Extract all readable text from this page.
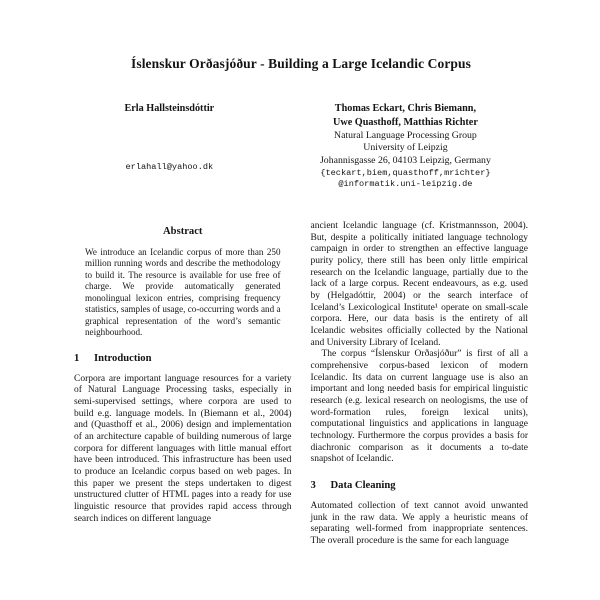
Íslenskur Orðasjóður - Building a Large Icelandic Corpus
Erla Hallsteinsdóttir
erlahall@yahoo.dk
Thomas Eckart, Chris Biemann,
Uwe Quasthoff, Matthias Richter
Natural Language Processing Group
University of Leipzig
Johannisgasse 26, 04103 Leipzig, Germany
{teckart,biem,quasthoff,mrichter}
@informatik.uni-leipzig.de
Abstract

We introduce an Icelandic corpus of more than 250 million running words and describe the methodology to build it. The resource is available for use free of charge. We provide automatically generated monolingual lexicon entries, comprising frequency statistics, samples of usage, co-occurring words and a graphical representation of the word’s semantic neighbourhood.

1 Introduction

Corpora are important language resources for a variety of Natural Language Processing tasks, especially in semi-supervised settings, where corpora are used to build e.g. language models. In (Biemann et al., 2004) and (Quasthoff et al., 2006) design and implementation of an architecture capable of building numerous of large corpora for different languages with little manual effort have been introduced. This infrastructure has been used to produce an Icelandic corpus based on web pages. In this paper we present the steps undertaken to digest unstructured clutter of HTML pages into a ready for use linguistic resource that provides rapid access through search indices on different language

ancient Icelandic language (cf. Kristmannsson, 2004). But, despite a politically initiated language technology campaign in order to strengthen an effective language purity policy, there still has been only little empirical research on the Icelandic language, partially due to the lack of a large corpus. Recent endeavours, as e.g. used by (Helgadóttir, 2004) or the search interface of Iceland’s Lexicological Institute¹ operate on small-scale corpora. Here, our data basis is the entirety of all Icelandic websites officially collected by the National and University Library of Iceland.

The corpus “Íslenskur Orðasjóður” is first of all a comprehensive corpus-based lexicon of modern Icelandic. Its data on current language use is also an important and long needed basis for empirical linguistic research (e.g. lexical research on neologisms, the use of word-formation rules, foreign lexical units), computational linguistics and applications in language technology. Furthermore the corpus provides a basis for diachronic comparison as it documents a to-date snapshot of Icelandic.

3 Data Cleaning

Automated collection of text cannot avoid unwanted junk in the raw data. We apply a heuristic means of separating well-formed from inappropriate sentences. The overall procedure is the same for each language
